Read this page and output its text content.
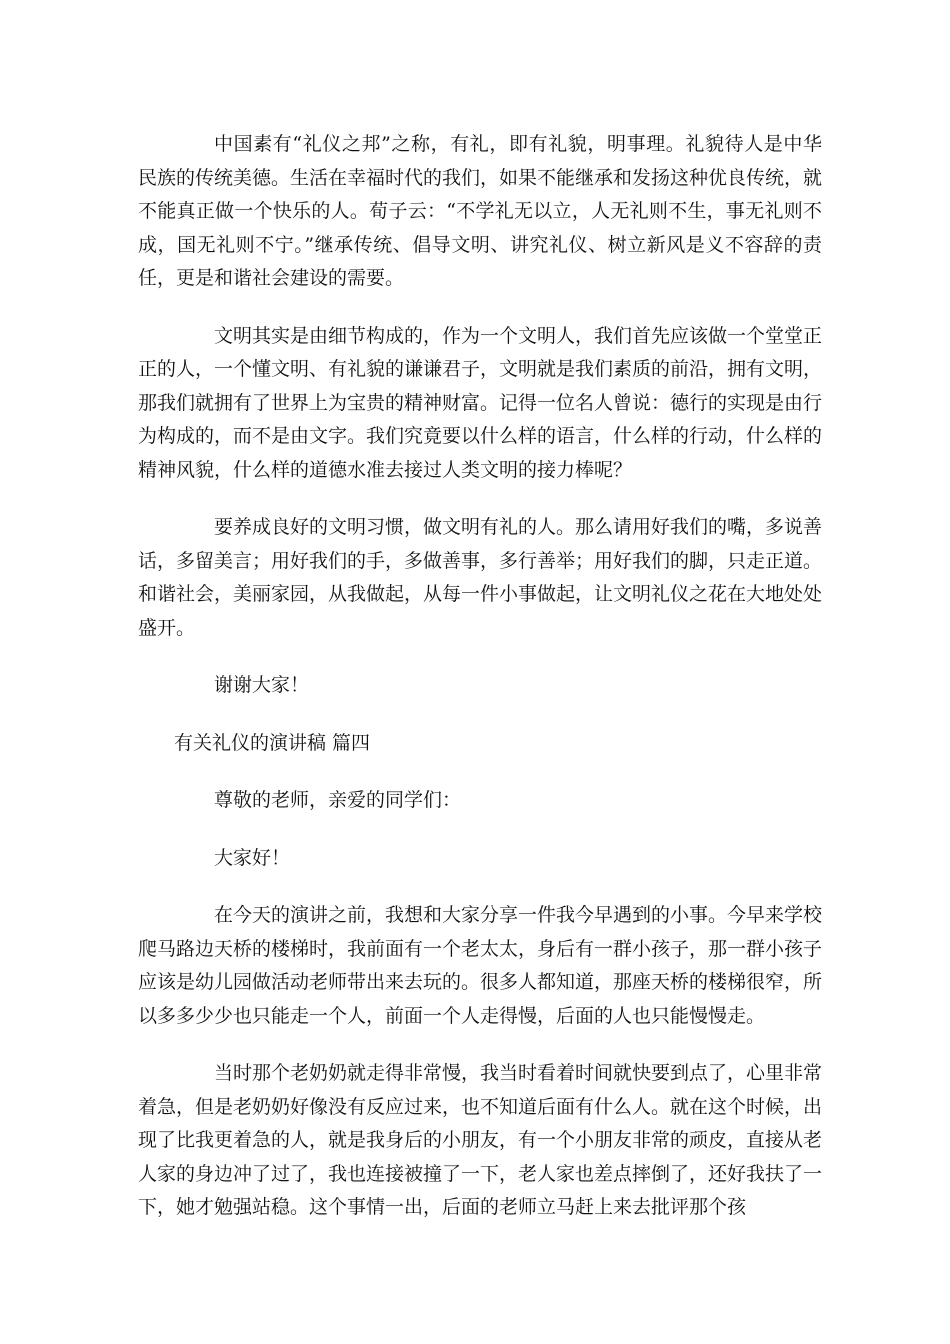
中国素有“礼仪之邦”之称，有礼，即有礼貌，明事理。礼貌待人是中华民族的传统美德。生活在幸福时代的我们，如果不能继承和发扬这种优良传统，就不能真正做一个快乐的人。荀子云：“不学礼无以立，人无礼则不生，事无礼则不成，国无礼则不宁。”继承传统、倡导文明、讲究礼仪、树立新风是义不容辞的责任，更是和谐社会建设的需要。

文明其实是由细节构成的，作为一个文明人，我们首先应该做一个堂堂正正的人，一个懂文明、有礼貌的谦谦君子，文明就是我们素质的前沿，拥有文明，那我们就拥有了世界上为宝贵的精神财富。记得一位名人曾说：德行的实现是由行为构成的，而不是由文字。我们究竟要以什么样的语言，什么样的行动，什么样的精神风貌，什么样的道德水准去接过人类文明的接力棒呢？

要养成良好的文明习惯，做文明有礼的人。那么请用好我们的嘴，多说善话，多留美言；用好我们的手，多做善事，多行善举；用好我们的脚，只走正道。和谐社会，美丽家园，从我做起，从每一件小事做起，让文明礼仪之花在大地处处盛开。

谢谢大家！

有关礼仪的演讲稿 篇四

尊敬的老师，亲爱的同学们：

大家好！

在今天的演讲之前，我想和大家分享一件我今早遇到的小事。今早来学校爬马路边天桥的楼梯时，我前面有一个老太太，身后有一群小孩子，那一群小孩子应该是幼儿园做活动老师带出来去玩的。很多人都知道，那座天桥的楼梯很窄，所以多多少少也只能走一个人，前面一个人走得慢，后面的人也只能慢慢走。

当时那个老奶奶就走得非常慢，我当时看着时间就快要到点了，心里非常着急，但是老奶奶好像没有反应过来，也不知道后面有什么人。就在这个时候，出现了比我更着急的人，就是我身后的小朋友，有一个小朋友非常的顽皮，直接从老人家的身边冲了过了，我也连接被撞了一下，老人家也差点摔倒了，还好我扶了一下，她才勉强站稳。这个事情一出，后面的老师立马赶上来去批评那个孩
